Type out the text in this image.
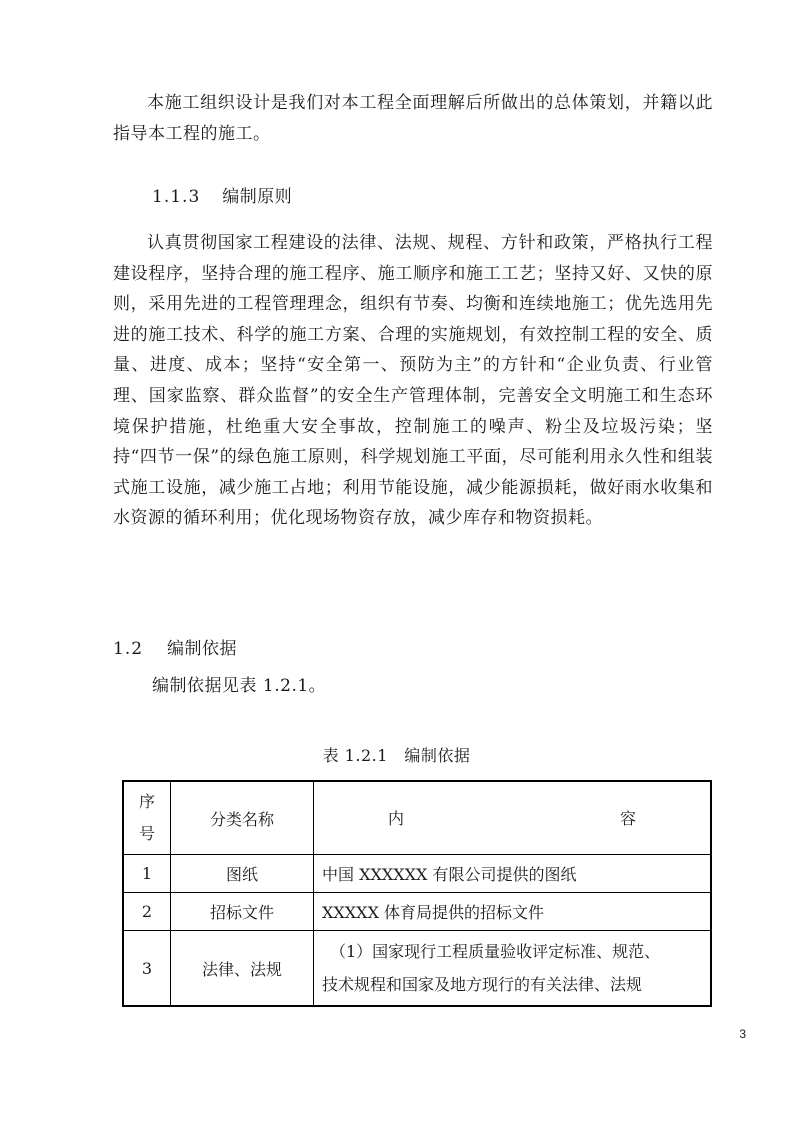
本施工组织设计是我们对本工程全面理解后所做出的总体策划，并籍以此指导本工程的施工。

1.1.3 编制原则

认真贯彻国家工程建设的法律、法规、规程、方针和政策，严格执行工程建设程序，坚持合理的施工程序、施工顺序和施工工艺；坚持又好、又快的原则，采用先进的工程管理理念，组织有节奏、均衡和连续地施工；优先选用先进的施工技术、科学的施工方案、合理的实施规划，有效控制工程的安全、质量、进度、成本；坚持“安全第一、预防为主”的方针和“企业负责、行业管理、国家监察、群众监督”的安全生产管理体制，完善安全文明施工和生态环境保护措施，杜绝重大安全事故，控制施工的噪声、粉尘及垃圾污染；坚持“四节一保”的绿色施工原则，科学规划施工平面，尽可能利用永久性和组装式施工设施，减少施工占地；利用节能设施，减少能源损耗，做好雨水收集和水资源的循环利用；优化现场物资存放，减少库存和物资损耗。

1.2 编制依据

编制依据见表 1.2.1。

表 1.2.1　编制依据

序
号	分类名称	内 容

1	图纸	中国 XXXXXX 有限公司提供的图纸
2	招标文件	XXXXX 体育局提供的招标文件
3	法律、法规	（1）国家现行工程质量验收评定标准、规范、
技术规程和国家及地方现行的有关法律、法规

3
